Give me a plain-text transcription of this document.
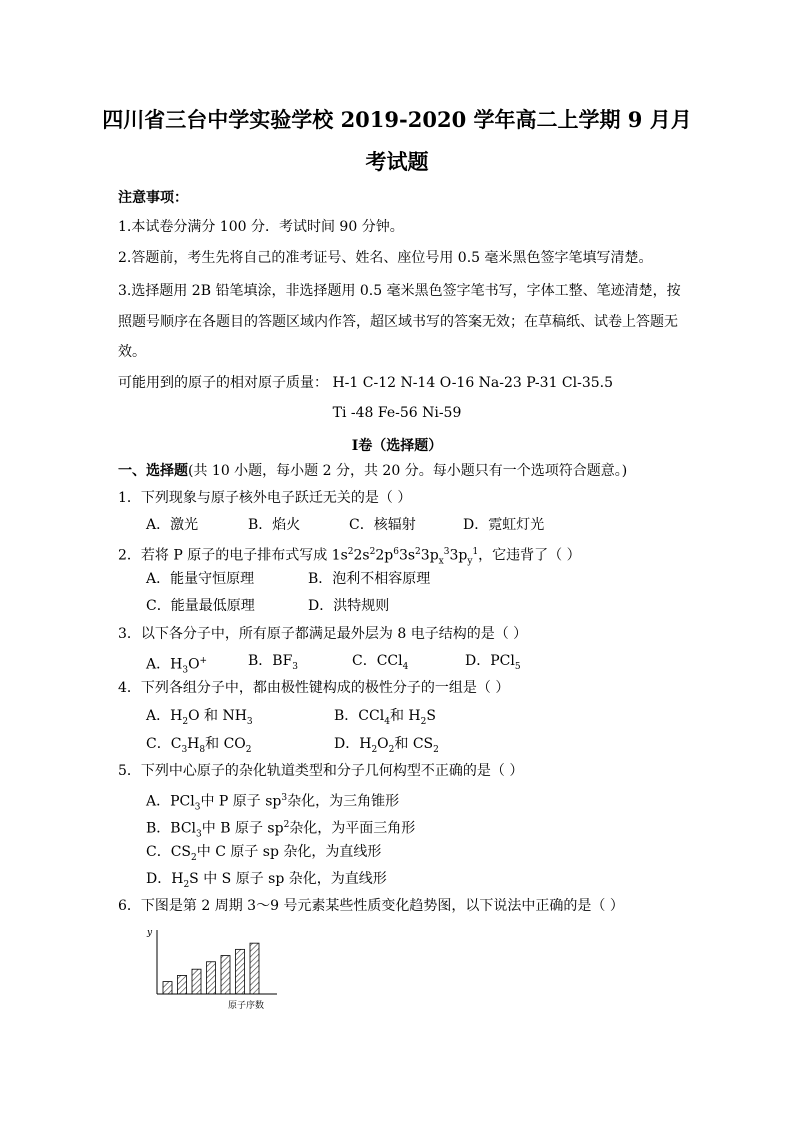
四川省三台中学实验学校 2019-2020 学年高二上学期 9 月月
考试题
注意事项：
1.本试卷分满分 100 分．考试时间 90 分钟。
2.答题前，考生先将自己的准考证号、姓名、座位号用 0.5 毫米黑色签字笔填写清楚。
3.选择题用 2B 铅笔填涂，非选择题用 0.5 毫米黑色签字笔书写，字体工整、笔迹清楚，按
照题号顺序在各题目的答题区域内作答，超区域书写的答案无效；在草稿纸、试卷上答题无
效。
可能用到的原子的相对原子质量： H-1 C-12 N-14 O-16 Na-23 P-31 Cl-35.5
Ti -48 Fe-56 Ni-59
Ⅰ卷（选择题）
一、选择题(共 10 小题，每小题 2 分，共 20 分。每小题只有一个选项符合题意。)
1．下列现象与原子核外电子跃迁无关的是（ ）
A．激光	B．焰火	C．核辐射	D．霓虹灯光
2．若将 P 原子的电子排布式写成 $1s^22s^22p^63s^23p_x^33p_y^1$，它违背了（ ）
A．能量守恒原理	B．泡利不相容原理
C．能量最低原理	D．洪特规则
3．以下各分子中，所有原子都满足最外层为 8 电子结构的是（ ）
A．$H_3O^+$	B．$BF_3$	C．CCl$_4$	D．PCl$_5$
4．下列各组分子中，都由极性键构成的极性分子的一组是（ ）
A．$H_2O$ 和 $NH_3$	B．CCl$_4$和 $H_2S$
C．$C_3H_8$和 $CO_2$	D．$H_2O_2$和 $CS_2$
5．下列中心原子的杂化轨道类型和分子几何构型不正确的是（ ）
A．PCl$_3$中 P 原子 $sp^3$杂化，为三角锥形
B．BCl$_3$中 B 原子 $sp^2$杂化，为平面三角形
C．$CS_2$中 C 原子 sp 杂化，为直线形
D．$H_2S$ 中 S 原子 sp 杂化，为直线形
6．下图是第 2 周期 3～9 号元素某些性质变化趋势图，以下说法中正确的是（ ）
y
原子序数
